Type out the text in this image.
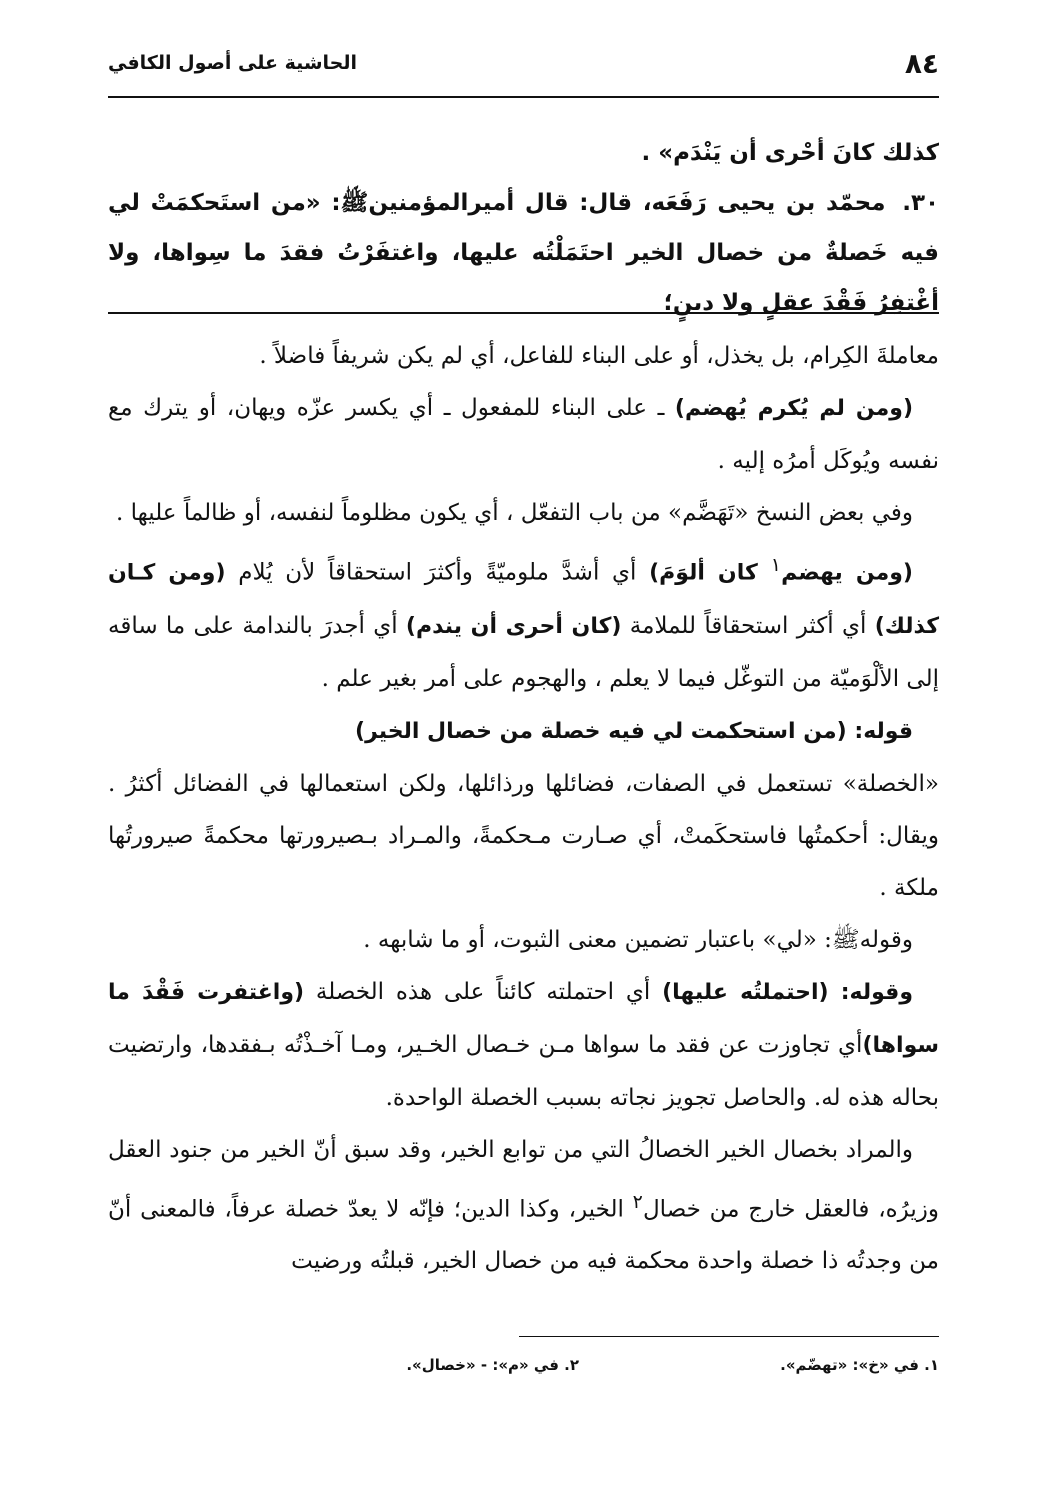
٨٤
الحاشية على أصول الكافي

كذلك كانَ أحْرى أن يَنْدَم» .

٣٠. محمّد بن يحيى رَفَعَه، قال: قال أميرالمؤمنينﷺ: «من استَحكمَتْ لي فيه خَصلةٌ من خصال الخير احتَمَلْتُه عليها، واغتفَرْتُ فقدَ ما سِواها، ولا أغْتفِرُ فَقْدَ عقلٍ ولا دينٍ؛

معاملةَ الكِرام، بل يخذل، أو على البناء للفاعل، أي لم يكن شريفاً فاضلاً .

(ومن لم يُكرم يُهضم) ـ على البناء للمفعول ـ أي يكسر عزّه ويهان، أو يترك مع نفسه ويُوكَل أمرُه إليه .

وفي بعض النسخ «تَهَضَّم» من باب التفعّل ، أي يكون مظلوماً لنفسه، أو ظالماً عليها .

(ومن يهضم$^١$ كان ألوَمَ) أي أشدَّ ملوميّةً وأكثرَ استحقاقاً لأن يُلام (ومن كـان كذلك) أي أكثر استحقاقاً للملامة (كان أحرى أن يندم) أي أجدرَ بالندامة على ما ساقه إلى الألْوَميّة من التوغّل فيما لا يعلم ، والهجوم على أمر بغير علم .

قوله: (من استحكمت لي فيه خصلة من خصال الخير)

«الخصلة» تستعمل في الصفات، فضائلها ورذائلها، ولكن استعمالها في الفضائل أكثرُ . ويقال: أحكمتُها فاستحكَمتْ، أي صـارت مـحكمةً، والمـراد بـصيرورتها محكمةً صيرورتُها ملكة .

وقولهﷺ: «لي» باعتبار تضمين معنى الثبوت، أو ما شابهه .

وقوله: (احتملتُه عليها) أي احتملته كائناً على هذه الخصلة (واغتفرت فَقْدَ ما سواها)أي تجاوزت عن فقد ما سواها مـن خـصال الخـير، ومـا آخـذْتُه بـفقدها، وارتضيت بحاله هذه له. والحاصل تجويز نجاته بسبب الخصلة الواحدة.

والمراد بخصال الخير الخصالُ التي من توابع الخير، وقد سبق أنّ الخير من جنود العقل وزيرُه، فالعقل خارج من خصال$^٢$ الخير، وكذا الدين؛ فإنّه لا يعدّ خصلة عرفاً، فالمعنى أنّ من وجدتُه ذا خصلة واحدة محكمة فيه من خصال الخير، قبلتُه ورضيت

١. في «خ»: «تهضّم».
٢. في «م»: - «خصال».
